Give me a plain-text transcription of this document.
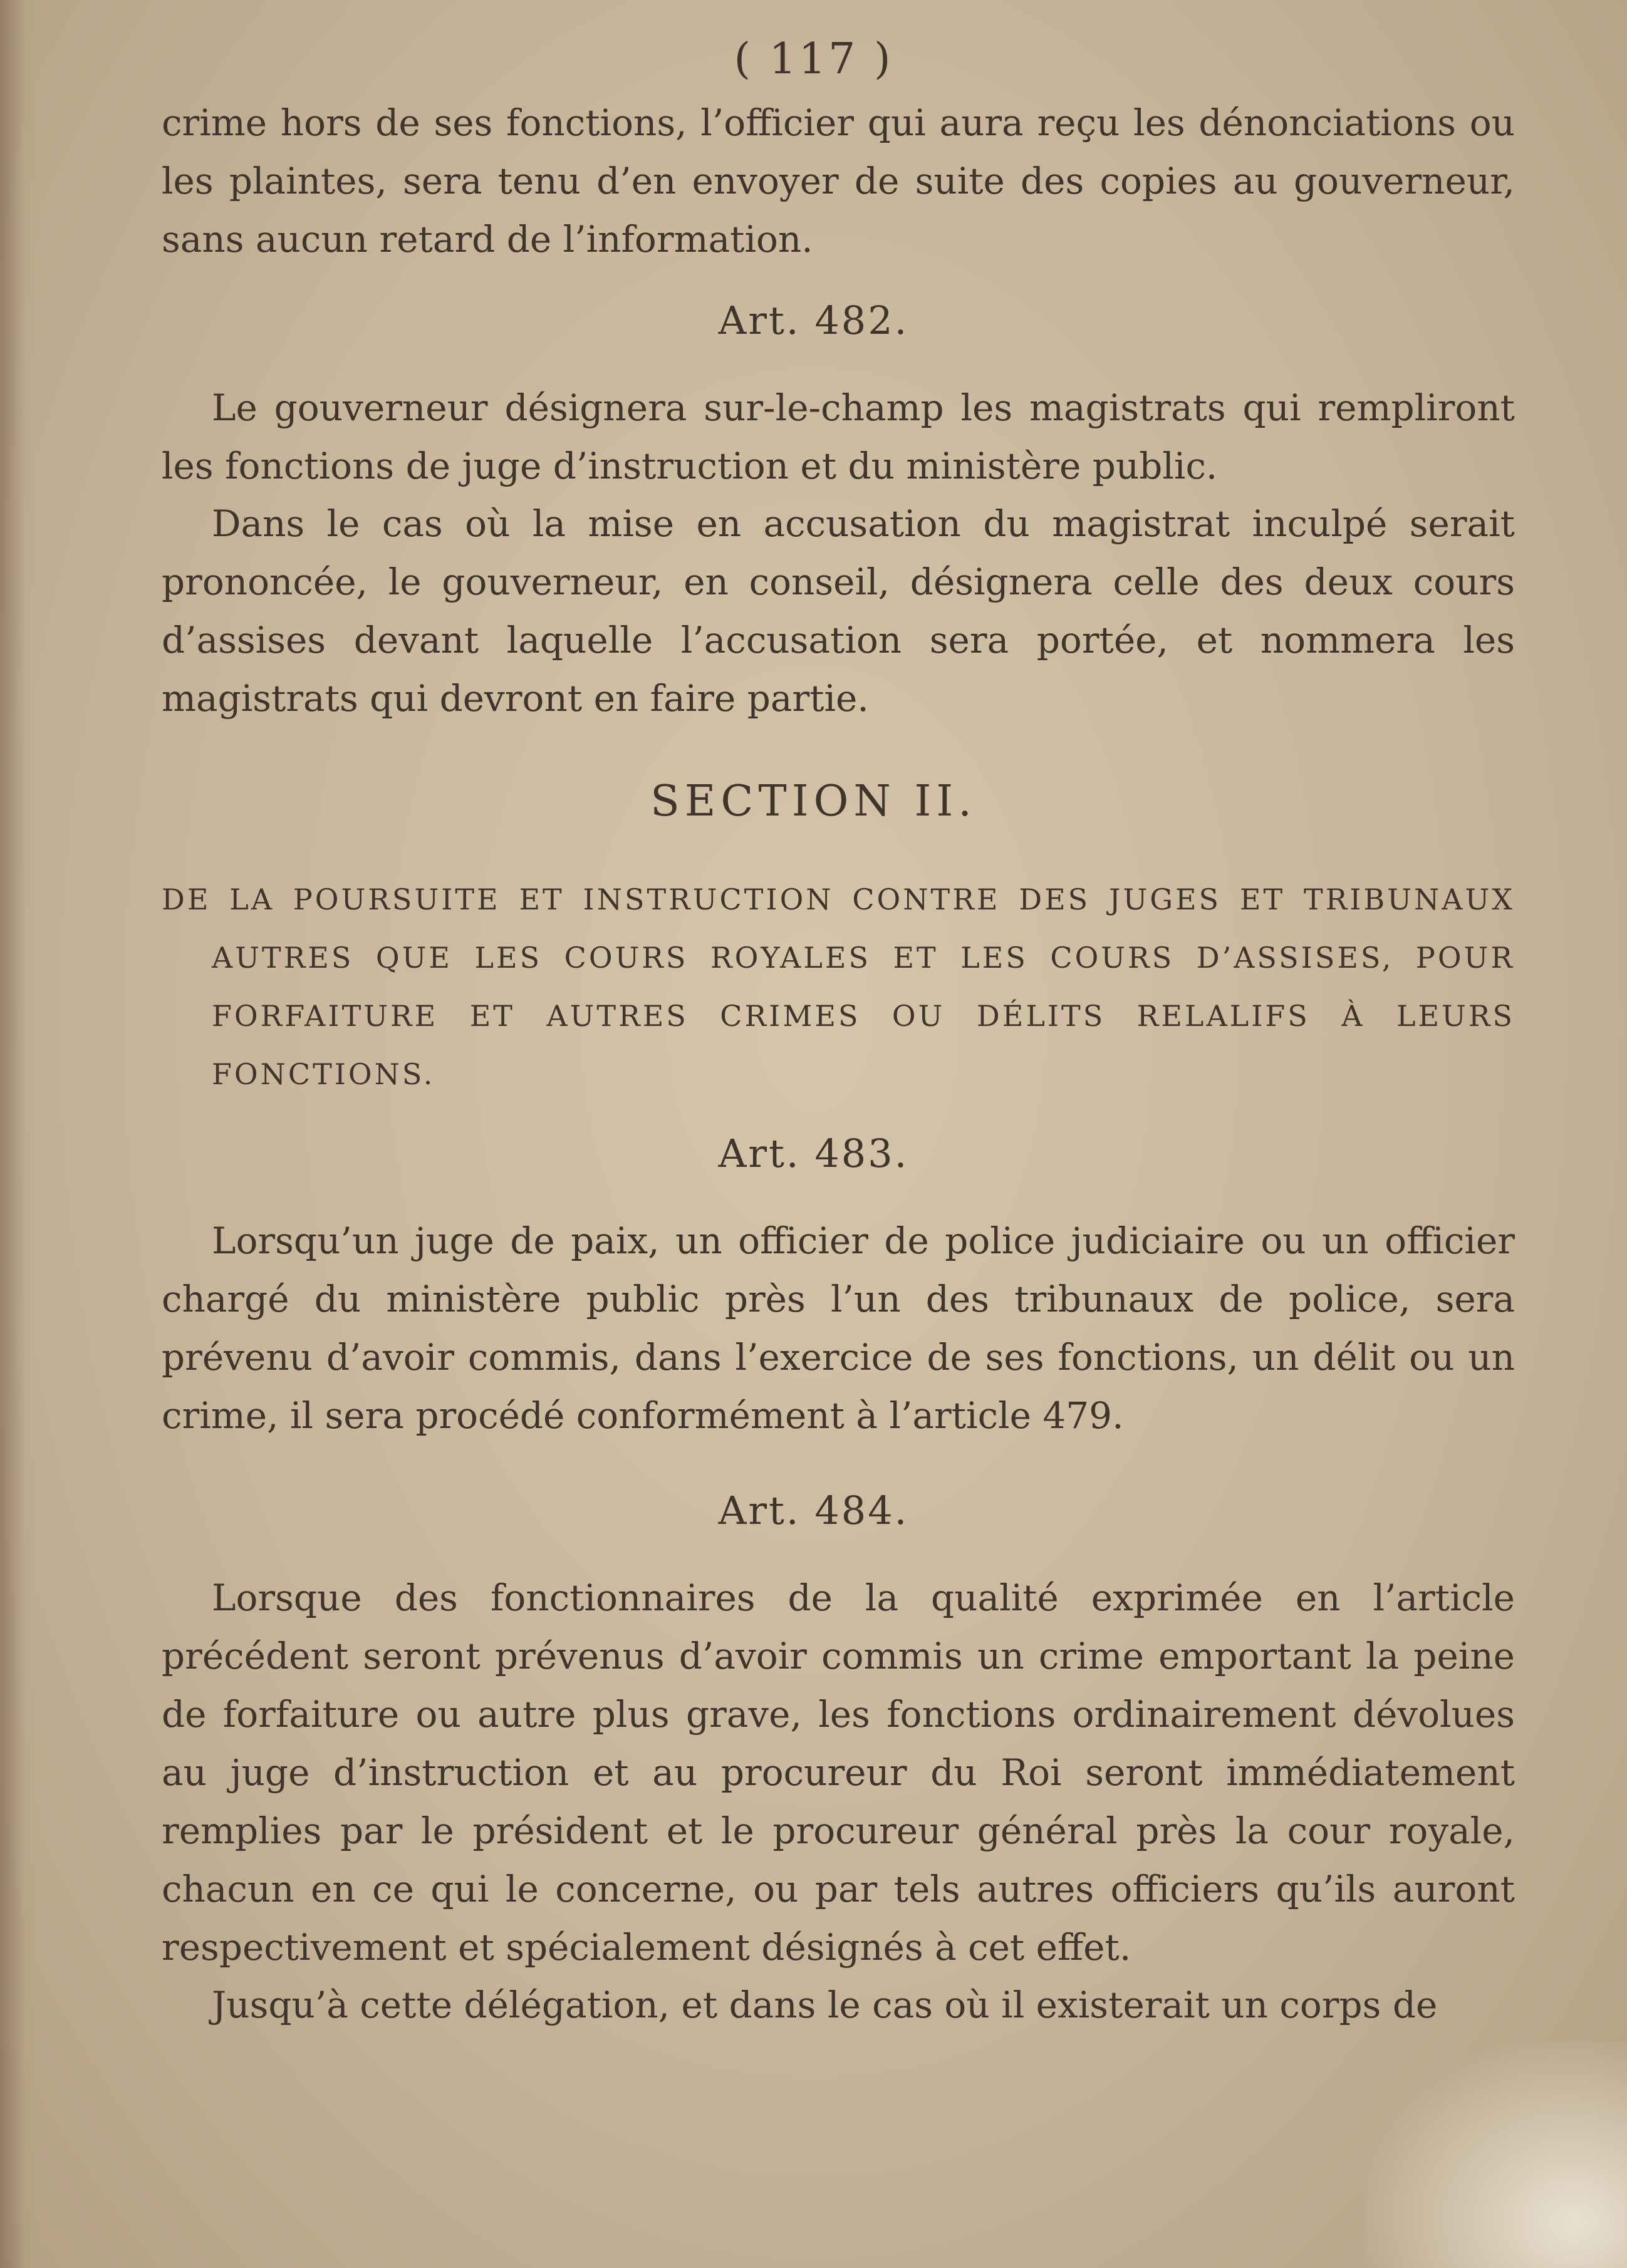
( 117 )

crime hors de ses fonctions, l’officier qui aura reçu les dénonciations ou les plaintes, sera tenu d’en envoyer de suite des copies au gouverneur, sans aucun retard de l’information.

Art. 482.

Le gouverneur désignera sur-le-champ les magistrats qui rempliront les fonctions de juge d’instruction et du ministère public.

Dans le cas où la mise en accusation du magistrat inculpé serait prononcée, le gouverneur, en conseil, désignera celle des deux cours d’assises devant laquelle l’accusation sera portée, et nommera les magistrats qui devront en faire partie.

SECTION II.
DE LA POURSUITE ET INSTRUCTION CONTRE DES JUGES ET TRIBUNAUX AUTRES QUE LES COURS ROYALES ET LES COURS D’ASSISES, POUR FORFAITURE ET AUTRES CRIMES OU DÉLITS RELALIFS À LEURS FONCTIONS.
Art. 483.

Lorsqu’un juge de paix, un officier de police judiciaire ou un officier chargé du ministère public près l’un des tribunaux de police, sera prévenu d’avoir commis, dans l’exercice de ses fonctions, un délit ou un crime, il sera procédé conformément à l’article 479.

Art. 484.

Lorsque des fonctionnaires de la qualité exprimée en l’article précédent seront prévenus d’avoir commis un crime emportant la peine de forfaiture ou autre plus grave, les fonctions ordinairement dévolues au juge d’instruction et au procureur du Roi seront immédiatement remplies par le président et le procureur général près la cour royale, chacun en ce qui le concerne, ou par tels autres officiers qu’ils auront respectivement et spécialement désignés à cet effet.

Jusqu’à cette délégation, et dans le cas où il existerait un corps de
